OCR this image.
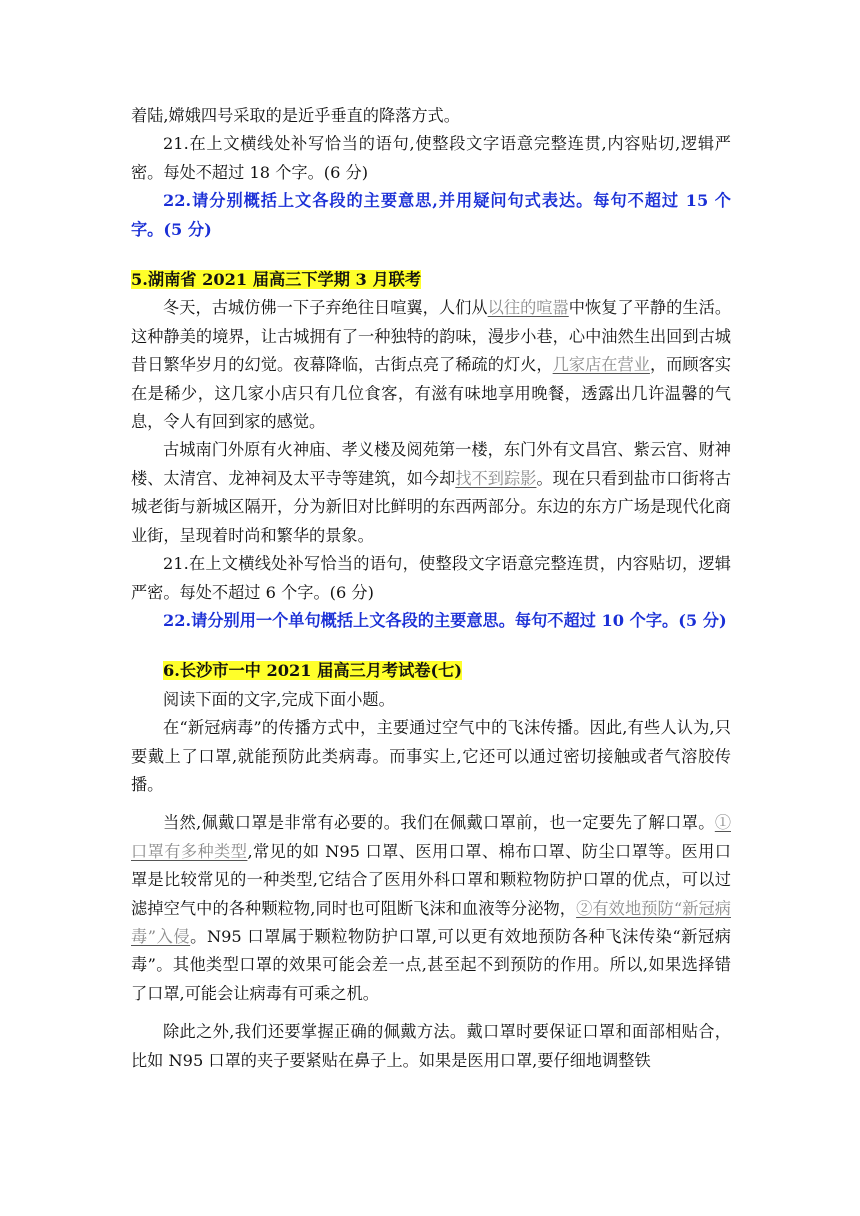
着陆,嫦娥四号采取的是近乎垂直的降落方式。

21.在上文横线处补写恰当的语句,使整段文字语意完整连贯,内容贴切,逻辑严密。每处不超过 18 个字。(6 分)

22.请分别概括上文各段的主要意思,并用疑问句式表达。每句不超过 15 个字。(5 分)

5.湖南省 2021 届高三下学期 3 月联考

冬天，古城仿佛一下子弃绝往日喧翼，人们从以往的喧嚣中恢复了平静的生活。这种静美的境界，让古城拥有了一种独特的韵味，漫步小巷，心中油然生出回到古城昔日繁华岁月的幻觉。夜幕降临，古街点亮了稀疏的灯火，几家店在营业，而顾客实在是稀少，这几家小店只有几位食客，有滋有味地享用晚餐，透露出几许温馨的气息，令人有回到家的感觉。

古城南门外原有火神庙、孝义楼及阅苑第一楼，东门外有文昌宫、紫云宫、财神楼、太清宫、龙神祠及太平寺等建筑，如今却找不到踪影。现在只看到盐市口街将古城老街与新城区隔开，分为新旧对比鲜明的东西两部分。东边的东方广场是现代化商业街，呈现着时尚和繁华的景象。

21.在上文横线处补写恰当的语句，使整段文字语意完整连贯，内容贴切，逻辑严密。每处不超过 6 个字。(6 分)

22.请分别用一个单句概括上文各段的主要意思。每句不超过 10 个字。(5 分)

6.长沙市一中 2021 届高三月考试卷(七)

阅读下面的文字,完成下面小题。

在“新冠病毒”的传播方式中，主要通过空气中的飞沫传播。因此,有些人认为,只要戴上了口罩,就能预防此类病毒。而事实上,它还可以通过密切接触或者气溶胶传播。

当然,佩戴口罩是非常有必要的。我们在佩戴口罩前，也一定要先了解口罩。①口罩有多种类型,常见的如 N95 口罩、医用口罩、棉布口罩、防尘口罩等。医用口罩是比较常见的一种类型,它结合了医用外科口罩和颗粒物防护口罩的优点，可以过滤掉空气中的各种颗粒物,同时也可阻断飞沫和血液等分泌物，②有效地预防“新冠病毒”入侵。N95 口罩属于颗粒物防护口罩,可以更有效地预防各种飞沫传染“新冠病毒”。其他类型口罩的效果可能会差一点,甚至起不到预防的作用。所以,如果选择错了口罩,可能会让病毒有可乘之机。

除此之外,我们还要掌握正确的佩戴方法。戴口罩时要保证口罩和面部相贴合，比如 N95 口罩的夹子要紧贴在鼻子上。如果是医用口罩,要仔细地调整铁
